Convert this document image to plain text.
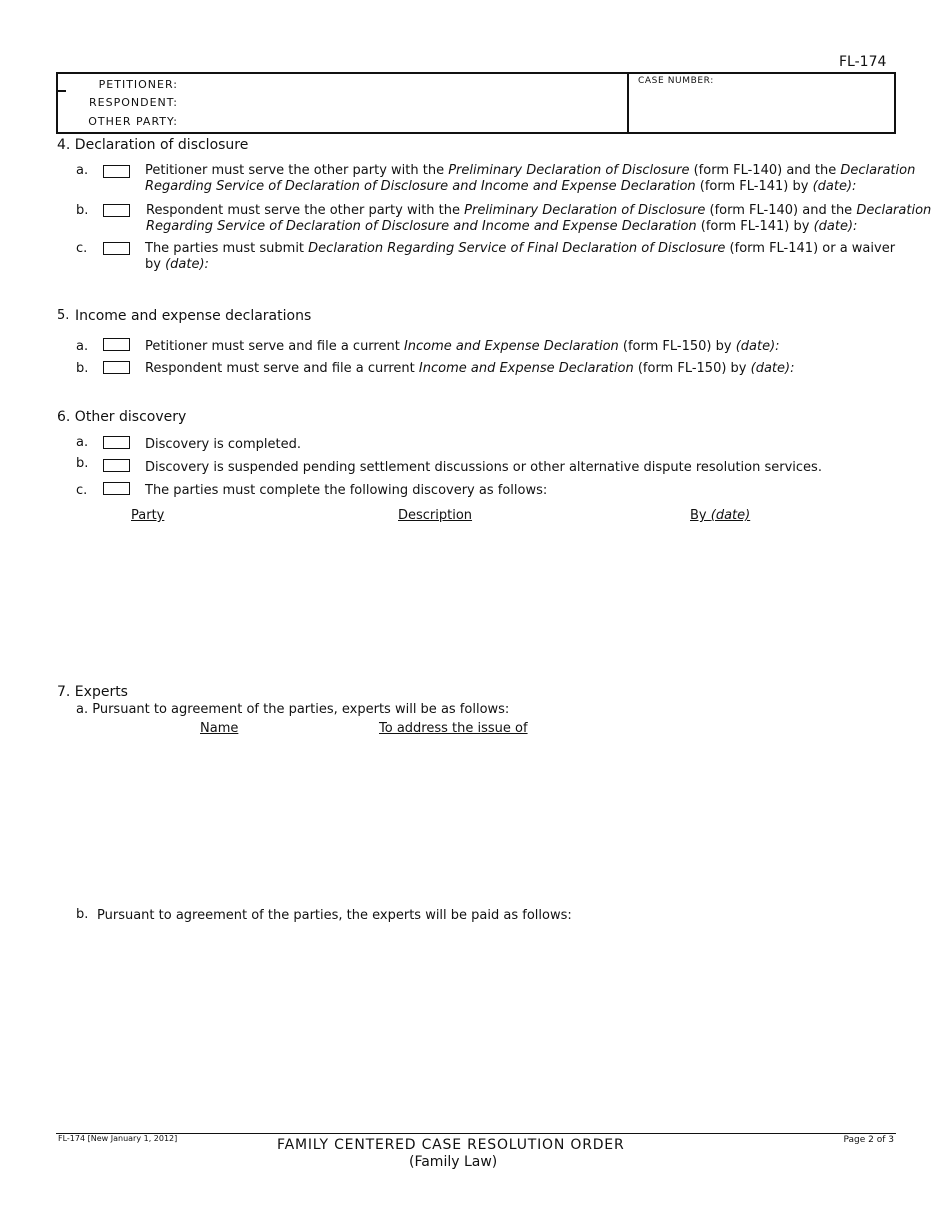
FL-174
PETITIONER:
RESPONDENT:
OTHER PARTY:
CASE NUMBER:
4. Declaration of disclosure
a.	Petitioner must serve the other party with the Preliminary Declaration of Disclosure (form FL-140) and the Declaration
Regarding Service of Declaration of Disclosure and Income and Expense Declaration (form FL-141) by (date):
b.	Respondent must serve the other party with the Preliminary Declaration of Disclosure (form FL-140) and the Declaration
Regarding Service of Declaration of Disclosure and Income and Expense Declaration (form FL-141) by (date):
c.	The parties must submit Declaration Regarding Service of Final Declaration of Disclosure (form FL-141) or a waiver
by (date):
5. Income and expense declarations
a.	Petitioner must serve and file a current Income and Expense Declaration (form FL-150) by (date):
b.	Respondent must serve and file a current Income and Expense Declaration (form FL-150) by (date):
6. Other discovery
a.	Discovery is completed.
b.	Discovery is suspended pending settlement discussions or other alternative dispute resolution services.
c.	The parties must complete the following discovery as follows:
Party	Description	By (date)
7. Experts
a. Pursuant to agreement of the parties, experts will be as follows:
Name	To address the issue of
b. Pursuant to agreement of the parties, the experts will be paid as follows:
FL-174 [New January 1, 2012]	FAMILY CENTERED CASE RESOLUTION ORDER
(Family Law)
Page 2 of 3
